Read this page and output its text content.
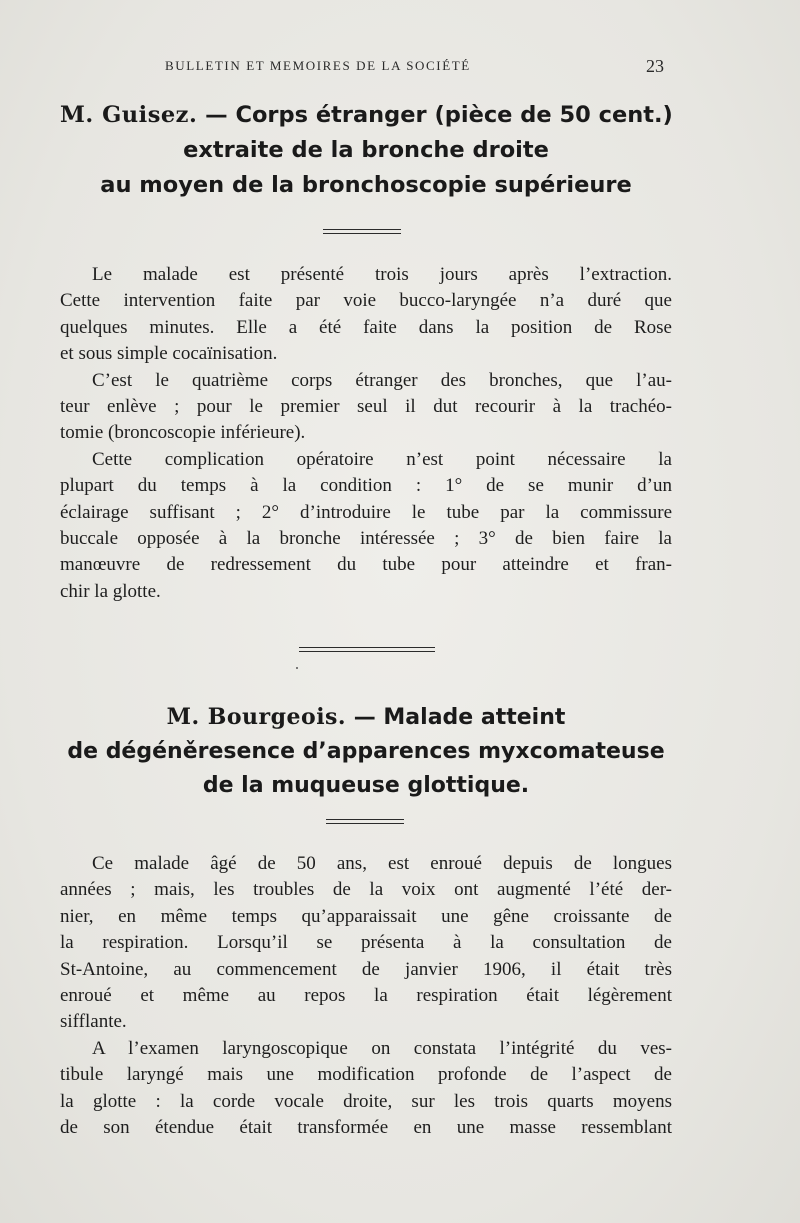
BULLETIN ET MEMOIRES DE LA SOCIÉTÉ	23
M. Guisez. — Corps étranger (pièce de 50 cent.)
extraite de la bronche droite
au moyen de la bronchoscopie supérieure

Le malade est présenté trois jours après l’extraction.
Cette intervention faite par voie bucco-laryngée n’a duré que
quelques minutes. Elle a été faite dans la position de Rose
et sous simple cocaïnisation.

C’est le quatrième corps étranger des bronches, que l’au-
teur enlève ; pour le premier seul il dut recourir à la trachéo-
tomie (broncoscopie inférieure).

Cette complication opératoire n’est point nécessaire la
plupart du temps à la condition : 1° de se munir d’un
éclairage suffisant ; 2° d’introduire le tube par la commissure
buccale opposée à la bronche intéressée ; 3° de bien faire la
manœuvre de redressement du tube pour atteindre et fran-
chir la glotte.

M. Bourgeois. — Malade atteint
de dégéněresence d’apparences myxcomateuse
de la muqueuse glottique.

Ce malade âgé de 50 ans, est enroué depuis de longues
années ; mais, les troubles de la voix ont augmenté l’été der-
nier, en même temps qu’apparaissait une gêne croissante de
la respiration. Lorsqu’il se présenta à la consultation de
St-Antoine, au commencement de janvier 1906, il était très
enroué et même au repos la respiration était légèrement
sifflante.

A l’examen laryngoscopique on constata l’intégrité du ves-
tibule laryngé mais une modification profonde de l’aspect de
la glotte : la corde vocale droite, sur les trois quarts moyens
de son étendue était transformée en une masse ressemblant
